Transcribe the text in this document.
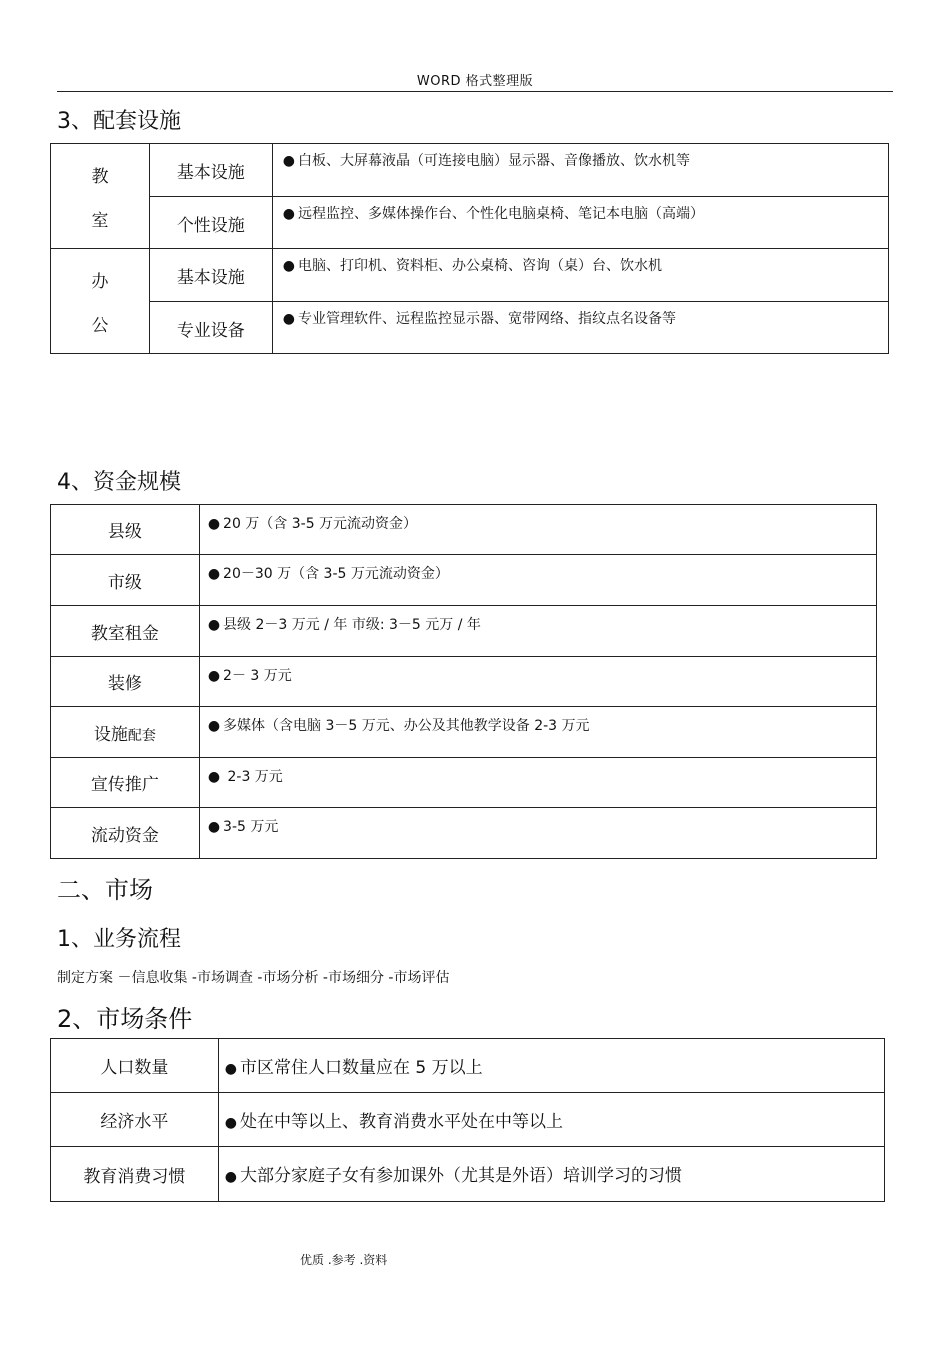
WORD 格式整理版
3、配套设施
教
室	基本设施	● 白板、大屏幕液晶（可连接电脑）显示器、音像播放、饮水机等

	个性设施	● 远程监控、多媒体操作台、个性化电脑桌椅、笔记本电脑（高端）

办
公	基本设施	● 电脑、打印机、资料柜、办公桌椅、咨询（桌）台、饮水机

	专业设备	● 专业管理软件、远程监控显示器、宽带网络、指纹点名设备等
4、资金规模
县级	● 20 万（含 3-5 万元流动资金）
市级	● 20－30 万（含 3-5 万元流动资金）
教室租金	● 县级 2－3 万元 / 年 市级: 3－5 元万 / 年
装修	● 2－ 3 万元
设施配套	● 多媒体（含电脑 3－5 万元、办公及其他教学设备 2-3 万元
宣传推广	● 2-3 万元
流动资金	● 3-5 万元
二、市场
1、业务流程
制定方案 －信息收集 -市场调查 -市场分析 -市场细分 -市场评估
2、市场条件
人口数量	● 市区常住人口数量应在 5 万以上
经济水平	● 处在中等以上、教育消费水平处在中等以上
教育消费习惯	● 大部分家庭子女有参加课外（尤其是外语）培训学习的习惯
优质 .参考 .资料
